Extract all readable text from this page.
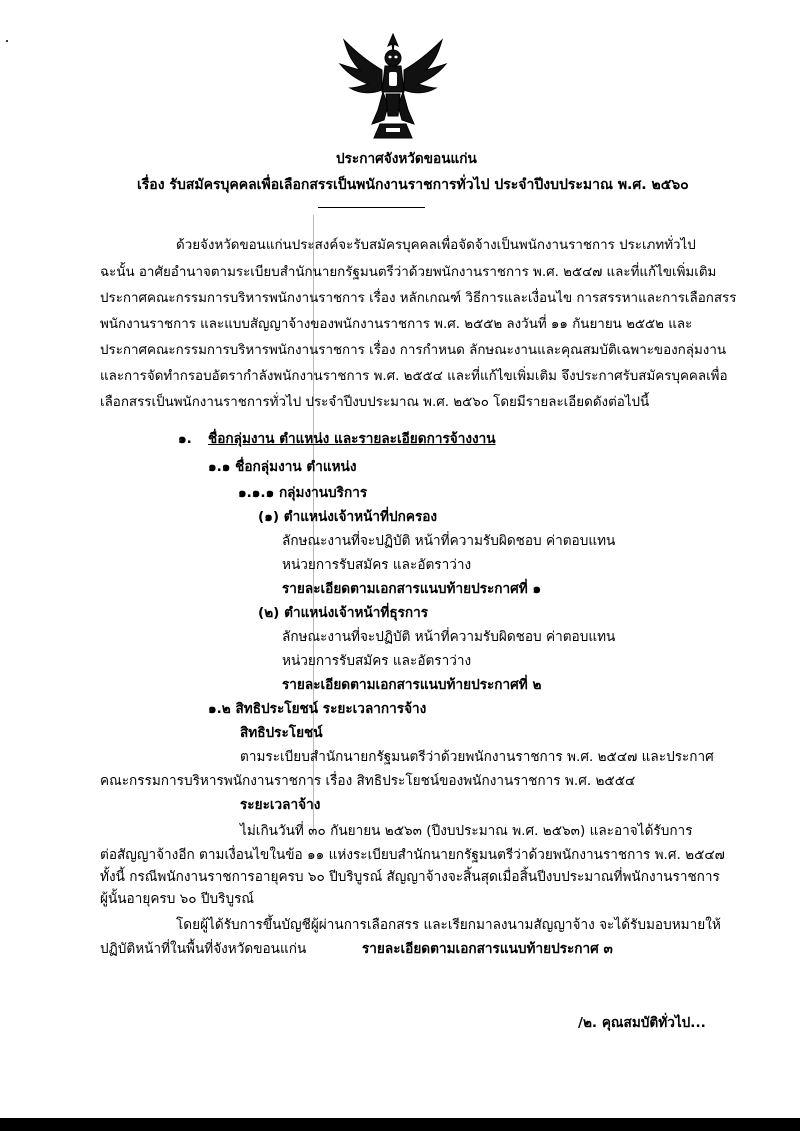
ประกาศจังหวัดขอนแก่น
เรื่อง รับสมัครบุคคลเพื่อเลือกสรรเป็นพนักงานราชการทั่วไป ประจำปีงบประมาณ พ.ศ. ๒๕๖๐
ด้วยจังหวัดขอนแก่นประสงค์จะรับสมัครบุคคลเพื่อจัดจ้างเป็นพนักงานราชการ ประเภททั่วไป
ฉะนั้น อาศัยอำนาจตามระเบียบสำนักนายกรัฐมนตรีว่าด้วยพนักงานราชการ พ.ศ. ๒๕๔๗ และที่แก้ไขเพิ่มเติม
ประกาศคณะกรรมการบริหารพนักงานราชการ เรื่อง หลักเกณฑ์ วิธีการและเงื่อนไข การสรรหาและการเลือกสรร
พนักงานราชการ และแบบสัญญาจ้างของพนักงานราชการ พ.ศ. ๒๕๕๒ ลงวันที่ ๑๑ กันยายน ๒๕๕๒ และ
ประกาศคณะกรรมการบริหารพนักงานราชการ เรื่อง การกำหนด ลักษณะงานและคุณสมบัติเฉพาะของกลุ่มงาน
และการจัดทำกรอบอัตรากำลังพนักงานราชการ พ.ศ. ๒๕๕๔ และที่แก้ไขเพิ่มเติม จึงประกาศรับสมัครบุคคลเพื่อ
เลือกสรรเป็นพนักงานราชการทั่วไป ประจำปีงบประมาณ พ.ศ. ๒๕๖๐ โดยมีรายละเอียดดังต่อไปนี้
๑. ชื่อกลุ่มงาน ตำแหน่ง และรายละเอียดการจ้างงาน
๑.๑ ชื่อกลุ่มงาน ตำแหน่ง
๑.๑.๑ กลุ่มงานบริการ
(๑) ตำแหน่งเจ้าหน้าที่ปกครอง
ลักษณะงานที่จะปฏิบัติ หน้าที่ความรับผิดชอบ ค่าตอบแทน
หน่วยการรับสมัคร และอัตราว่าง
รายละเอียดตามเอกสารแนบท้ายประกาศที่ ๑
(๒) ตำแหน่งเจ้าหน้าที่ธุรการ
ลักษณะงานที่จะปฏิบัติ หน้าที่ความรับผิดชอบ ค่าตอบแทน
หน่วยการรับสมัคร และอัตราว่าง
รายละเอียดตามเอกสารแนบท้ายประกาศที่ ๒
๑.๒ สิทธิประโยชน์ ระยะเวลาการจ้าง
สิทธิประโยชน์
ตามระเบียบสำนักนายกรัฐมนตรีว่าด้วยพนักงานราชการ พ.ศ. ๒๕๔๗ และประกาศ
คณะกรรมการบริหารพนักงานราชการ เรื่อง สิทธิประโยชน์ของพนักงานราชการ พ.ศ. ๒๕๕๔
ระยะเวลาจ้าง
ไม่เกินวันที่ ๓๐ กันยายน ๒๕๖๓ (ปีงบประมาณ พ.ศ. ๒๕๖๓) และอาจได้รับการ
ต่อสัญญาจ้างอีก ตามเงื่อนไขในข้อ ๑๑ แห่งระเบียบสำนักนายกรัฐมนตรีว่าด้วยพนักงานราชการ พ.ศ. ๒๕๔๗
ทั้งนี้ กรณีพนักงานราชการอายุครบ ๖๐ ปีบริบูรณ์ สัญญาจ้างจะสิ้นสุดเมื่อสิ้นปีงบประมาณที่พนักงานราชการ
ผู้นั้นอายุครบ ๖๐ ปีบริบูรณ์
โดยผู้ได้รับการขึ้นบัญชีผู้ผ่านการเลือกสรร และเรียกมาลงนามสัญญาจ้าง จะได้รับมอบหมายให้
ปฏิบัติหน้าที่ในพื้นที่จังหวัดขอนแก่น	รายละเอียดตามเอกสารแนบท้ายประกาศ ๓
/๒. คุณสมบัติทั่วไป...
